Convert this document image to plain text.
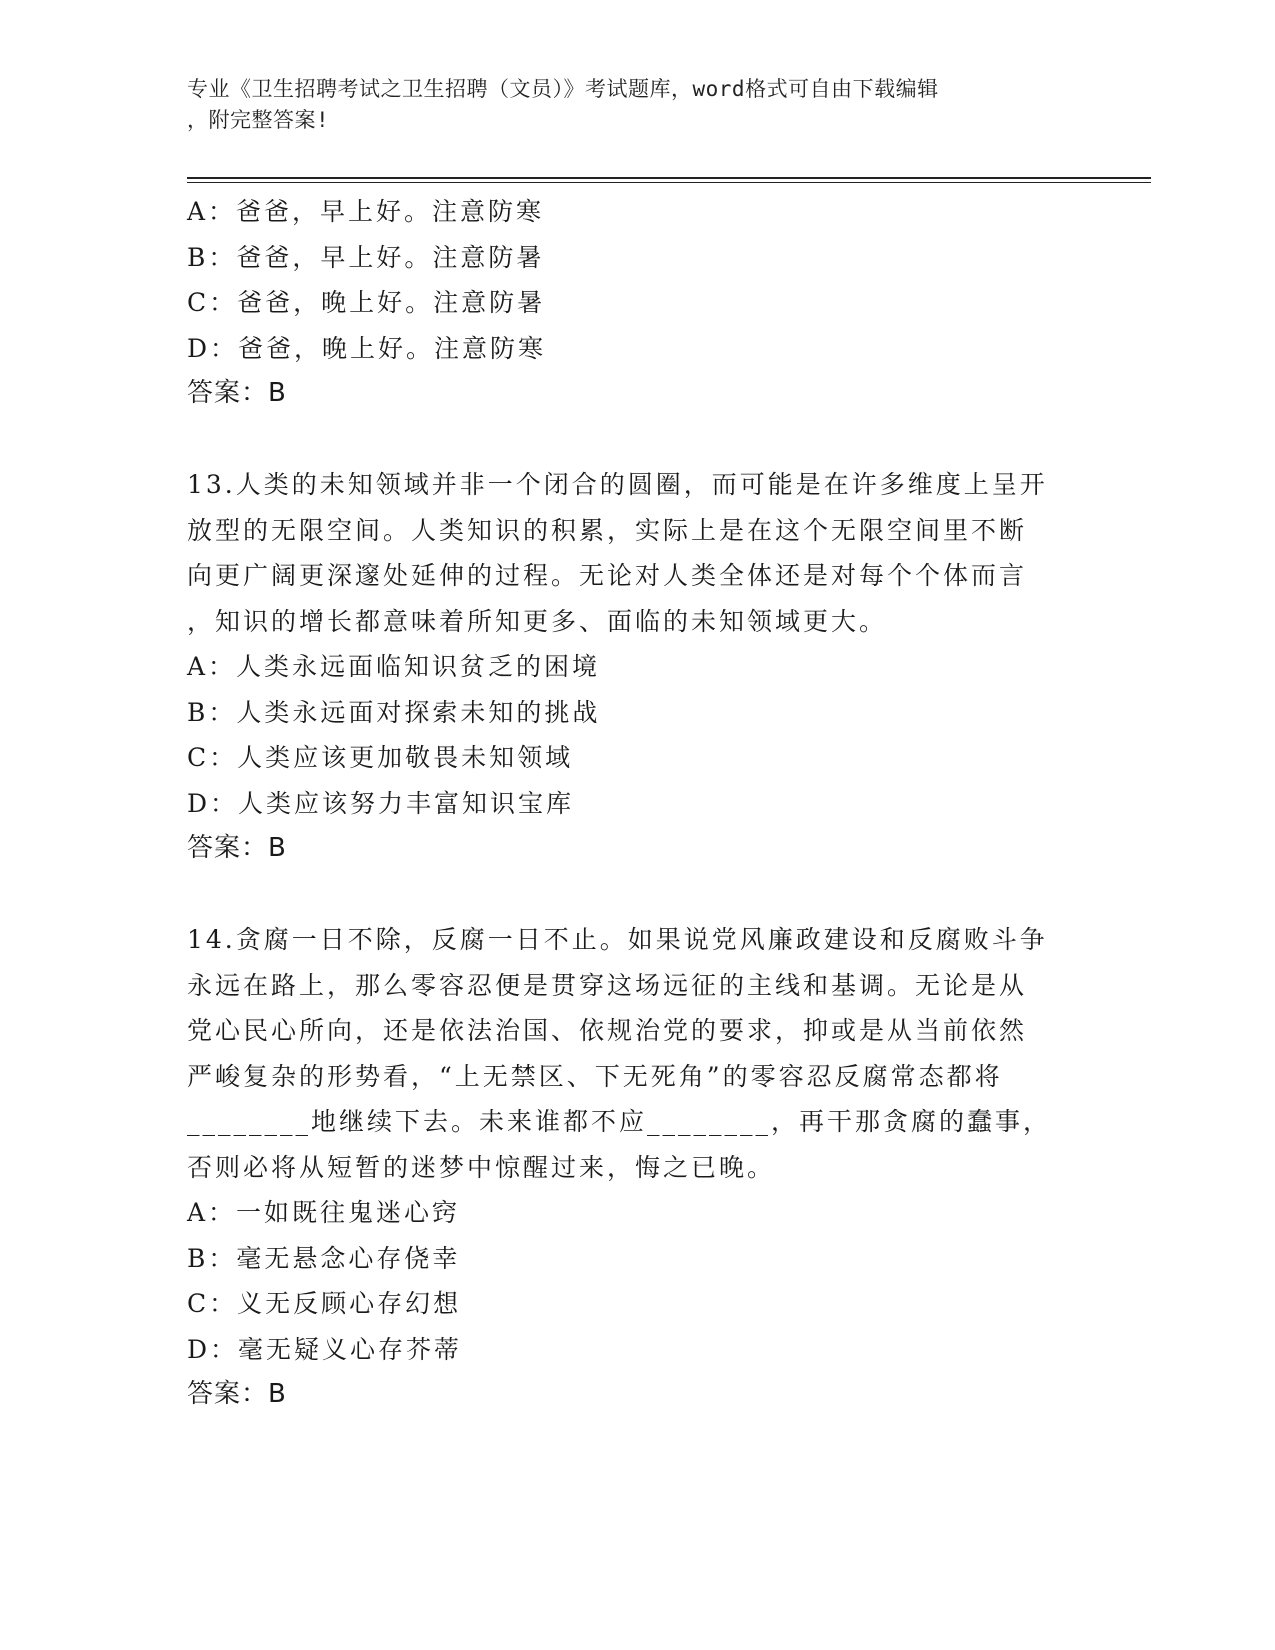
专业《卫生招聘考试之卫生招聘（文员）》考试题库，word格式可自由下载编辑
，附完整答案!
A：爸爸，早上好。注意防寒
B：爸爸，早上好。注意防暑
C：爸爸，晚上好。注意防暑
D：爸爸，晚上好。注意防寒
答案：B
13.人类的未知领域并非一个闭合的圆圈，而可能是在许多维度上呈开
放型的无限空间。人类知识的积累，实际上是在这个无限空间里不断
向更广阔更深邃处延伸的过程。无论对人类全体还是对每个个体而言
，知识的增长都意味着所知更多、面临的未知领域更大。
A：人类永远面临知识贫乏的困境
B：人类永远面对探索未知的挑战
C：人类应该更加敬畏未知领域
D：人类应该努力丰富知识宝库
答案：B
14.贪腐一日不除，反腐一日不止。如果说党风廉政建设和反腐败斗争
永远在路上，那么零容忍便是贯穿这场远征的主线和基调。无论是从
党心民心所向，还是依法治国、依规治党的要求，抑或是从当前依然
严峻复杂的形势看，“上无禁区、下无死角”的零容忍反腐常态都将
________地继续下去。未来谁都不应________，再干那贪腐的蠢事，
否则必将从短暂的迷梦中惊醒过来，悔之已晚。
A：一如既往鬼迷心窍
B：毫无悬念心存侥幸
C：义无反顾心存幻想
D：毫无疑义心存芥蒂
答案：B
